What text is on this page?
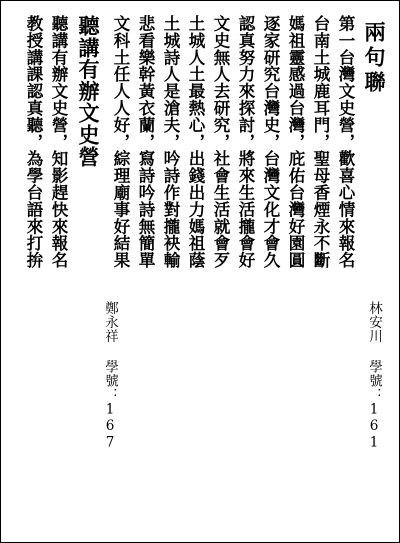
兩句聯
林安川 學號：161
第一台灣文史營，歡喜心情來報名
台南土城鹿耳門，聖母香煙永不斷
媽祖靈感過台灣，庇佑台灣好園圓
逐家研究台灣史，台灣文化才會久
認真努力來探討，將來生活攏會好
文史無人去研究，社會生活就會歹
土城人土最熱心，出錢出力媽祖蔭
土城詩人是滄夫，吟詩作對攏袂輸
悲看樂幹黃衣蘭，寫詩吟詩無簡單
文科土任人人好，綜理廟事好結果
聽講有辦文史營
鄭永祥 學號：167
聽講有辦文史營，知影趕快來報名
教授講課認真聽，為學台語來打拚
